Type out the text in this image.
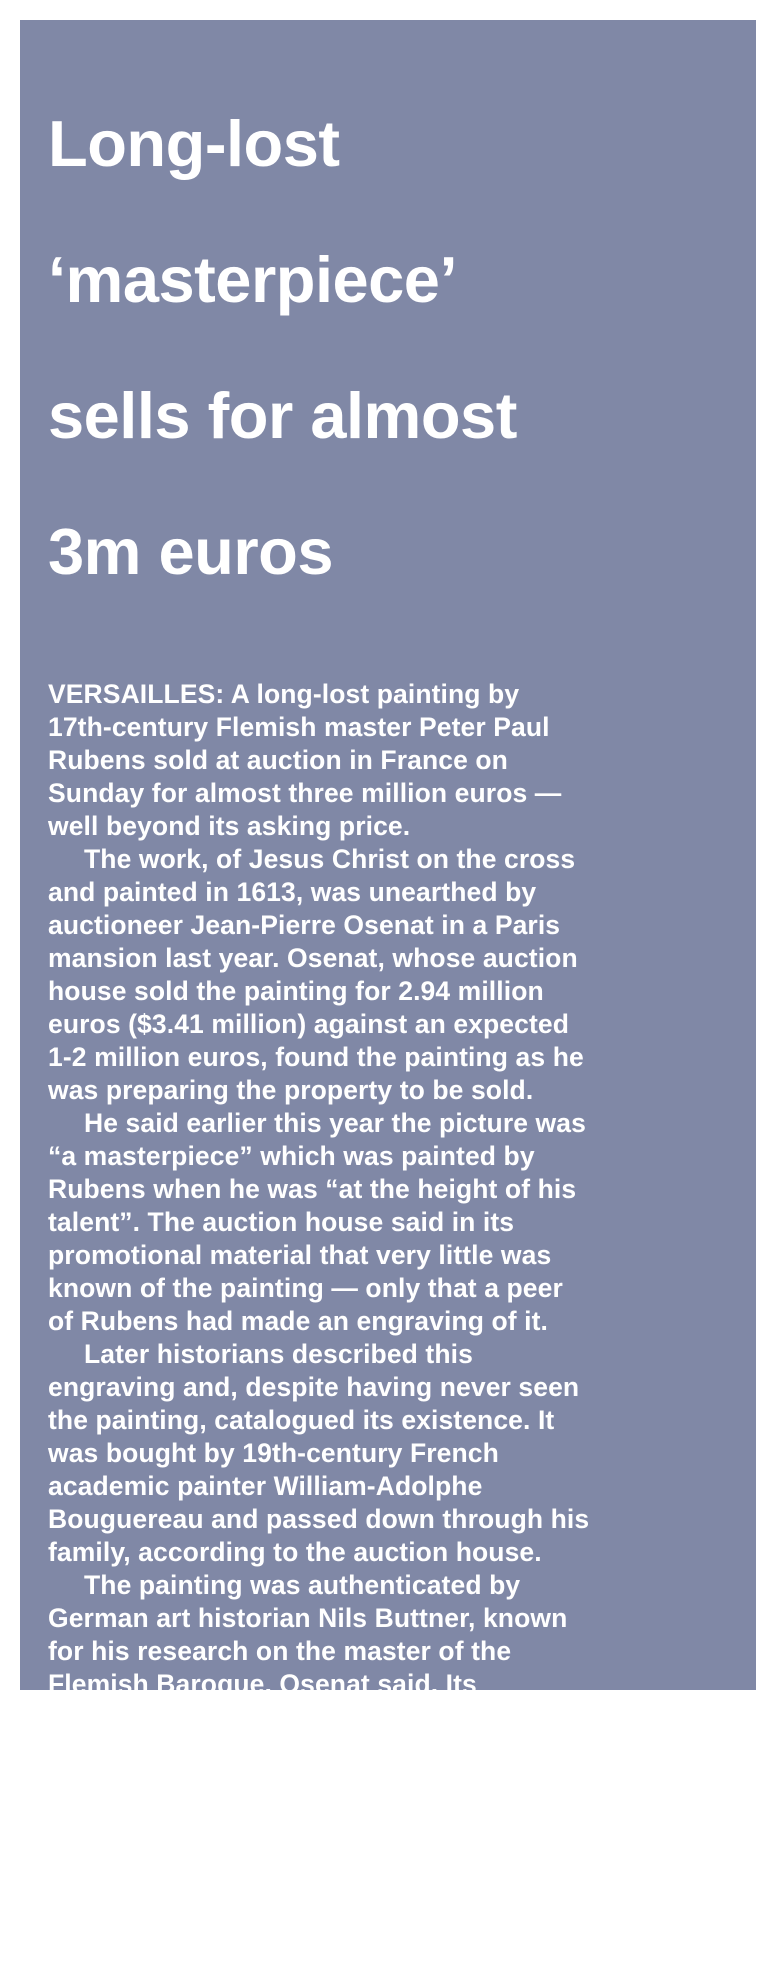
Long-lost

‘masterpiece’

sells for almost

3m euros

VERSAILLES: A long-lost painting by
17th-century Flemish master Peter Paul
Rubens sold at auction in France on
Sunday for almost three million euros —
well beyond its asking price.

The work, of Jesus Christ on the cross
and painted in 1613, was unearthed by
auctioneer Jean-Pierre Osenat in a Paris
mansion last year. Osenat, whose auction
house sold the painting for 2.94 million
euros ($3.41 million) against an expected
1-2 million euros, found the painting as he
was preparing the property to be sold.

He said earlier this year the picture was
“a masterpiece” which was painted by
Rubens when he was “at the height of his
talent”. The auction house said in its
promotional material that very little was
known of the painting — only that a peer
of Rubens had made an engraving of it.

Later historians described this
engraving and, despite having never seen
the painting, catalogued its existence. It
was bought by 19th-century French
academic painter William-Adolphe
Bouguereau and passed down through his
family, according to the auction house.

The painting was authenticated by
German art historian Nils Buttner, known
for his research on the master of the
Flemish Baroque, Osenat said. Its
provenance was certified through
methods including X-ray imaging and
pigment analysis, he added.

“It’s the very beginning of Baroque
painting, depicting a crucified Christ,
isolated, luminous and standing out
vividly against a dark and threatening
sky,” he said.—AFP
